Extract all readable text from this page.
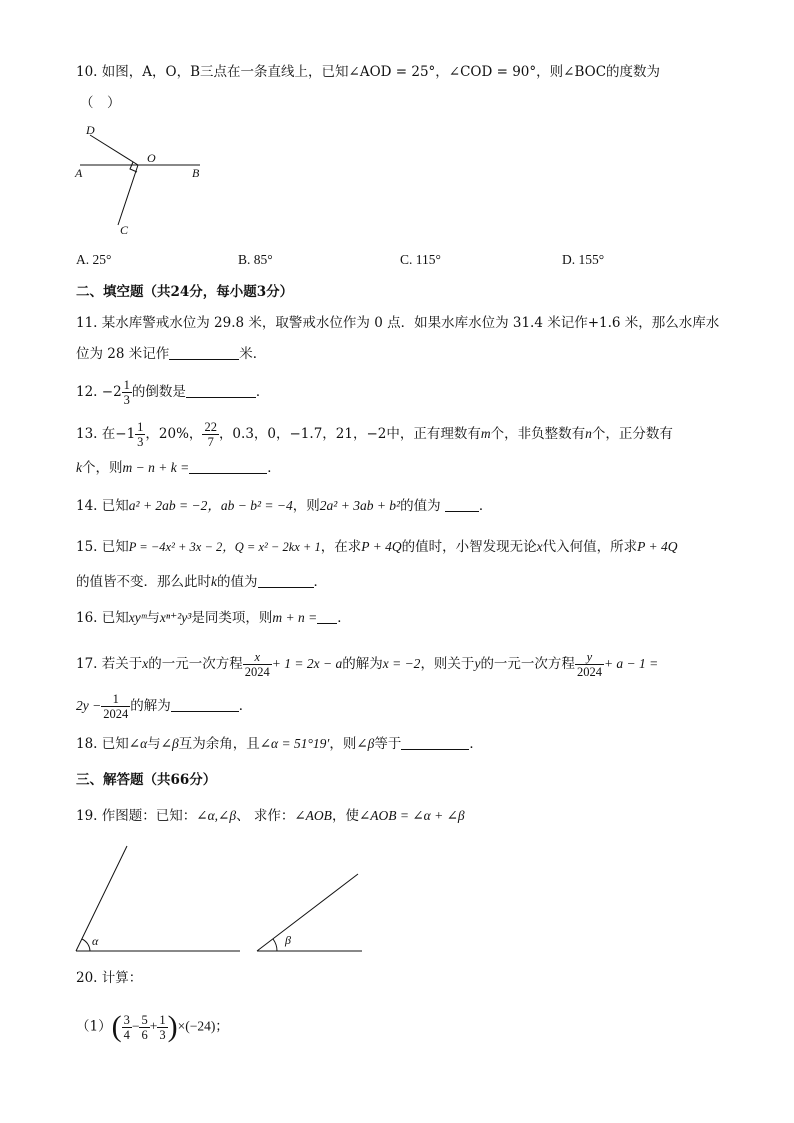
10. 如图，A，O，B三点在一条直线上，已知∠AOD = 25°，∠COD = 90°，则∠BOC的度数为
（　）
D
O
A	B
C
A. 25°	B. 85°	C. 115°	D. 155°
二、填空题（共24分，每小题3分）
11. 某水库警戒水位为 29.8 米，取警戒水位作为 0 点．如果水库水位为 31.4 米记作+1.6 米，那么水库水
位为 28 米记作	米．
12. $-2 \frac{1}{3}$ 的倒数是	．
13. 在$-1 \frac{1}{3}$ ，20%， $\frac{22}{7}$ ，0.3，0，−1.7，21，−2中，正有理数有m个，非负整数有n个，正分数有
k个，则m − n + k =	．
14. 已知a² + 2ab = −2，ab − b² = −4，则2a² + 3ab + b²的值为	．
15. 已知P = −4x² + 3x − 2，Q = x² − 2kx + 1，在求P + 4Q的值时，小智发现无论x代入何值，所求P + 4Q
的值皆不变．那么此时k的值为	．
16. 已知xyᵐ与xⁿ⁺²y³是同类项，则m + n = ．
17. 若关于x的一元一次方程 $\frac{x}{2024} + 1 = 2x - a$的解为x = −2，则关于y的一元一次方程 $\frac{y}{2024} + a - 1$ =
$2y - \frac{1}{2024}$ 的解为	．
18. 已知∠α与∠β互为余角，且∠α = 51°19′，则∠β等于	．
三、解答题（共66分）
19. 作图题：已知：∠α,∠β、 求作：∠AOB，使∠AOB = ∠α + ∠β
α	β
20. 计算：
$(1)( \frac{3}{4} - \frac{5}{6} + \frac{1}{3} )\times(-24)$；
